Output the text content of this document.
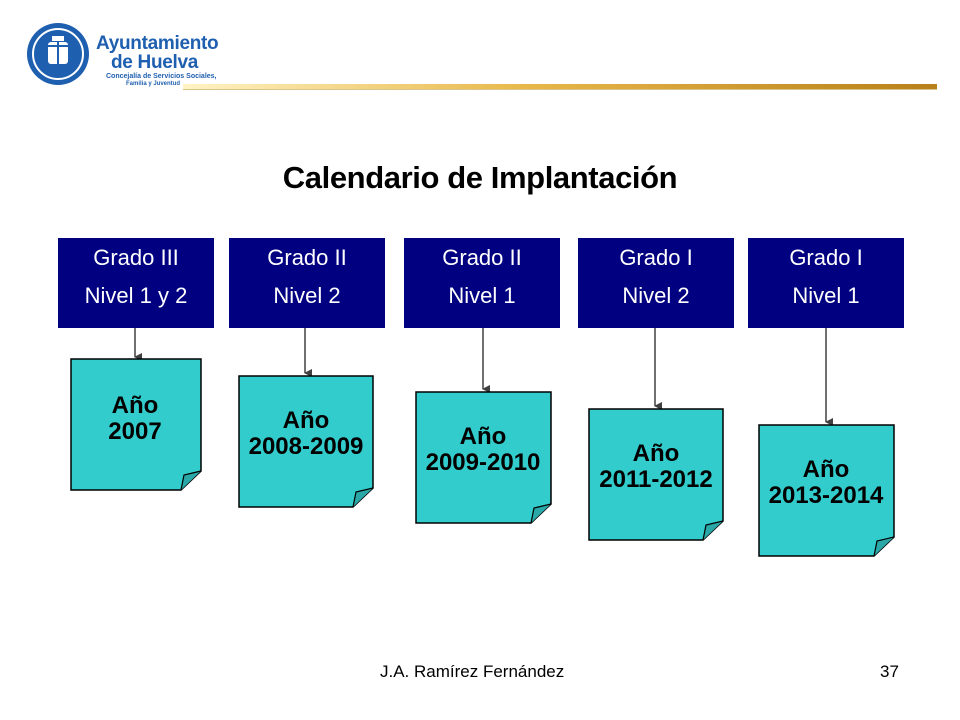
Ayuntamiento
de Huelva
Concejalía de Servicios Sociales,
Familia y Juventud
Calendario de Implantación
Grado III
Nivel 1 y 2
Año
2007
Grado II
Nivel 2
Año
2008-2009
Grado II
Nivel 1
Año
2009-2010
Grado I
Nivel 2
Año
2011-2012
Grado I
Nivel 1
Año
2013-2014
J.A. Ramírez Fernández	37
